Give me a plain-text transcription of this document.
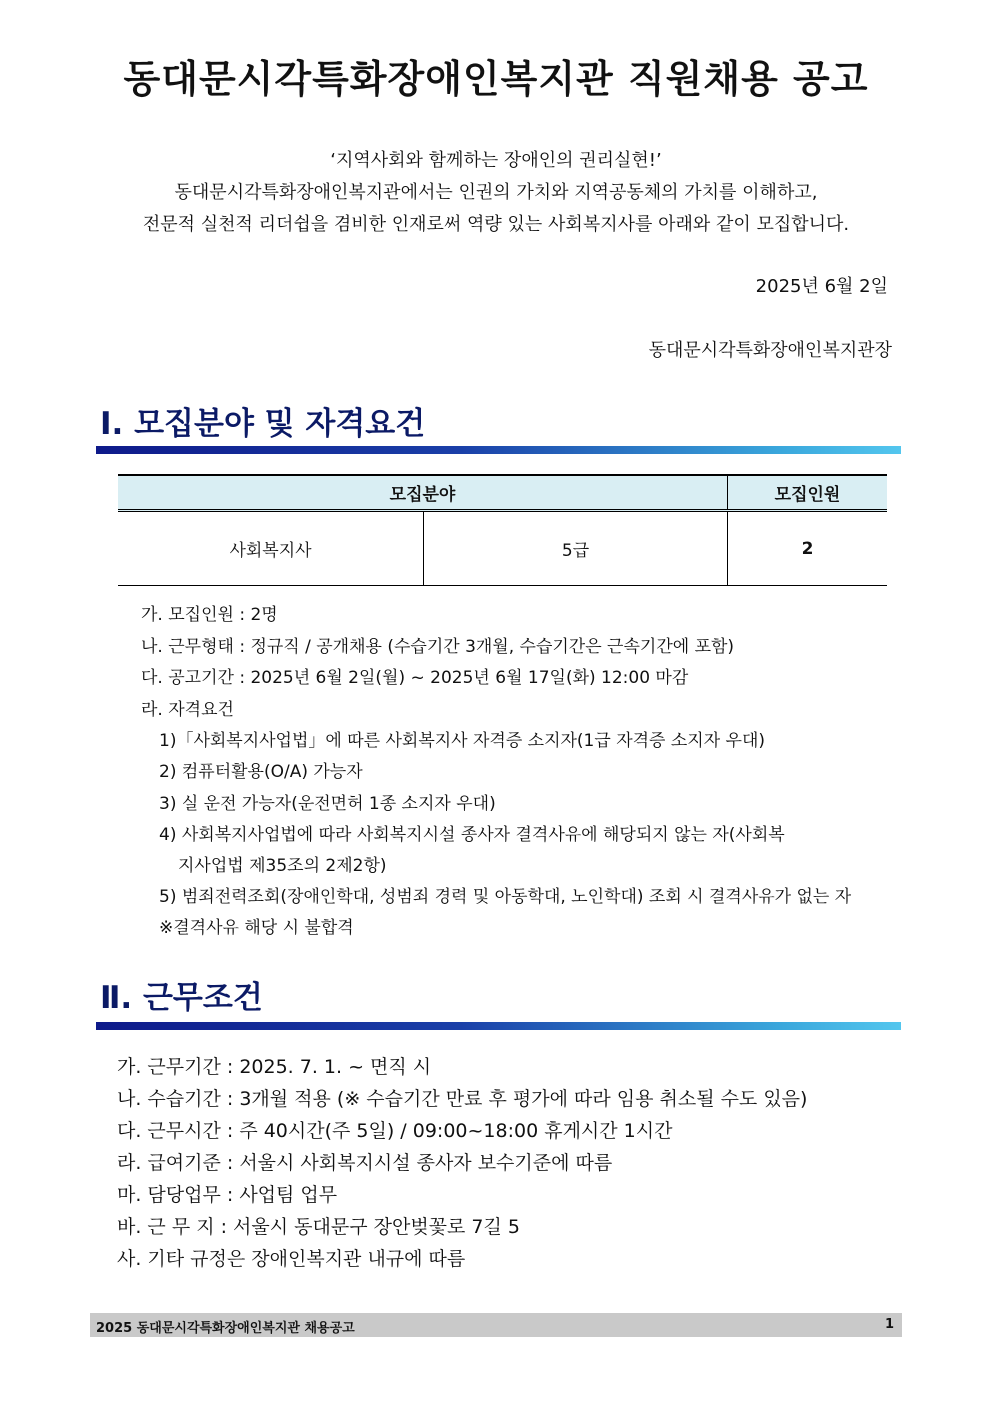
동대문시각특화장애인복지관 직원채용 공고
‘지역사회와 함께하는 장애인의 권리실현!’
동대문시각특화장애인복지관에서는 인권의 가치와 지역공동체의 가치를 이해하고,
전문적 실천적 리더쉽을 겸비한 인재로써 역량 있는 사회복지사를 아래와 같이 모집합니다.
2025년 6월 2일
동대문시각특화장애인복지관장
Ⅰ. 모집분야 및 자격요건
모집분야		모집인원
사회복지사	5급	2
가. 모집인원 : 2명
나. 근무형태 : 정규직 / 공개채용 (수습기간 3개월, 수습기간은 근속기간에 포함)
다. 공고기간 : 2025년 6월 2일(월) ~ 2025년 6월 17일(화) 12:00 마감
라. 자격요건
1)「사회복지사업법」에 따른 사회복지사 자격증 소지자(1급 자격증 소지자 우대)
2) 컴퓨터활용(O/A) 가능자
3) 실 운전 가능자(운전면허 1종 소지자 우대)
4) 사회복지사업법에 따라 사회복지시설 종사자 결격사유에 해당되지 않는 자(사회복
지사업법 제35조의 2제2항)
5) 범죄전력조회(장애인학대, 성범죄 경력 및 아동학대, 노인학대) 조회 시 결격사유가 없는 자
※결격사유 해당 시 불합격
Ⅱ. 근무조건
가. 근무기간 : 2025. 7. 1. ~ 면직 시
나. 수습기간 : 3개월 적용 (※ 수습기간 만료 후 평가에 따라 임용 취소될 수도 있음)
다. 근무시간 : 주 40시간(주 5일) / 09:00~18:00 휴게시간 1시간
라. 급여기준 : 서울시 사회복지시설 종사자 보수기준에 따름
마. 담당업무 : 사업팀 업무
바. 근 무 지 : 서울시 동대문구 장안벚꽃로 7길 5
사. 기타 규정은 장애인복지관 내규에 따름
2025 동대문시각특화장애인복지관 채용공고	1
